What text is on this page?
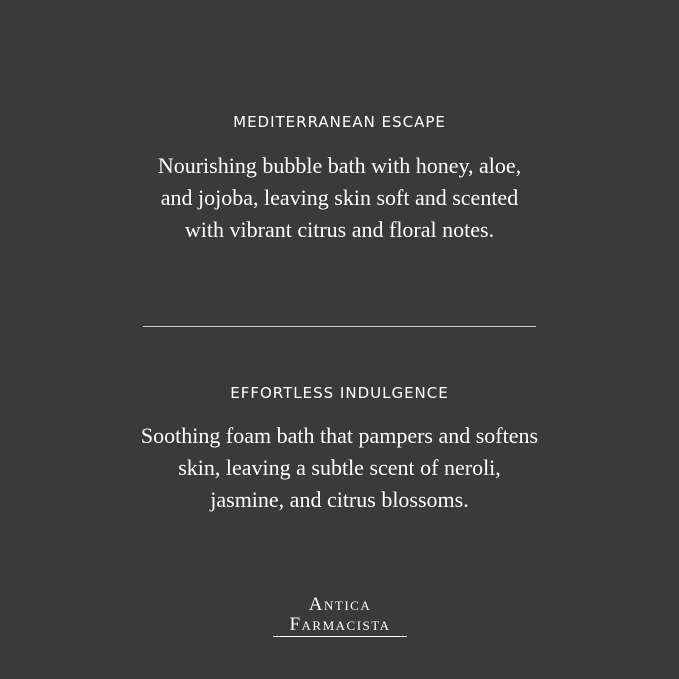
MEDITERRANEAN ESCAPE
Nourishing bubble bath with honey, aloe, and jojoba, leaving skin soft and scented with vibrant citrus and floral notes.
EFFORTLESS INDULGENCE
Soothing foam bath that pampers and softens skin, leaving a subtle scent of neroli, jasmine, and citrus blossoms.
Antica
Farmacista
